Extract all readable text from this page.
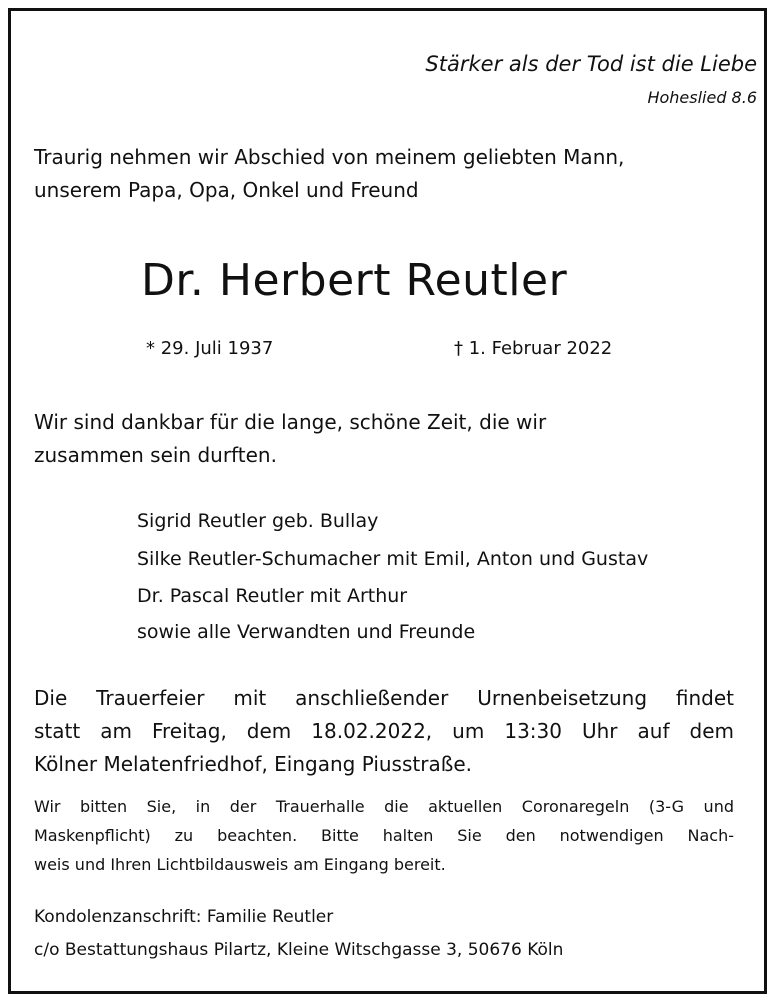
Stärker als der Tod ist die Liebe
Hoheslied 8.6
Traurig nehmen wir Abschied von meinem geliebten Mann,
unserem Papa, Opa, Onkel und Freund
Dr. Herbert Reutler
* 29. Juli 1937	† 1. Februar 2022
Wir sind dankbar für die lange, schöne Zeit, die wir
zusammen sein durften.
Sigrid Reutler geb. Bullay
Silke Reutler-Schumacher mit Emil, Anton und Gustav
Dr. Pascal Reutler mit Arthur
sowie alle Verwandten und Freunde
Die Trauerfeier mit anschließender Urnenbeisetzung findet
statt am Freitag, dem 18.02.2022, um 13:30 Uhr auf dem
Kölner Melatenfriedhof, Eingang Piusstraße.
Wir bitten Sie, in der Trauerhalle die aktuellen Coronaregeln (3-G und
Maskenpflicht) zu beachten. Bitte halten Sie den notwendigen Nach-
weis und Ihren Lichtbildausweis am Eingang bereit.
Kondolenzanschrift: Familie Reutler
c/o Bestattungshaus Pilartz, Kleine Witschgasse 3, 50676 Köln
